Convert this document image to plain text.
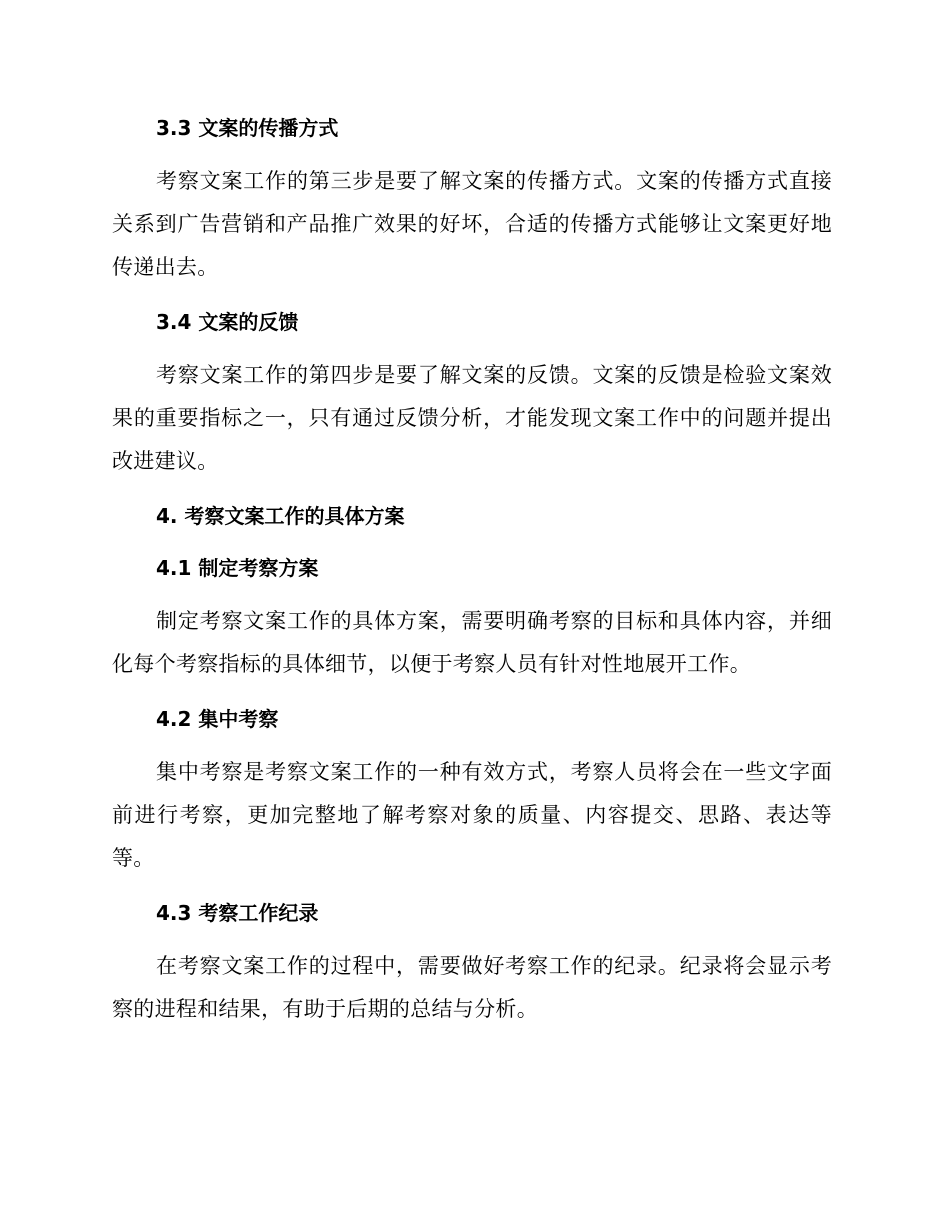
3.3 文案的传播方式

考察文案工作的第三步是要了解文案的传播方式。文案的传播方式直接关系到广告营销和产品推广效果的好坏，合适的传播方式能够让文案更好地传递出去。

3.4 文案的反馈

考察文案工作的第四步是要了解文案的反馈。文案的反馈是检验文案效果的重要指标之一，只有通过反馈分析，才能发现文案工作中的问题并提出改进建议。

4. 考察文案工作的具体方案
4.1 制定考察方案

制定考察文案工作的具体方案，需要明确考察的目标和具体内容，并细化每个考察指标的具体细节，以便于考察人员有针对性地展开工作。

4.2 集中考察

集中考察是考察文案工作的一种有效方式，考察人员将会在一些文字面前进行考察，更加完整地了解考察对象的质量、内容提交、思路、表达等等。

4.3 考察工作纪录

在考察文案工作的过程中，需要做好考察工作的纪录。纪录将会显示考察的进程和结果，有助于后期的总结与分析。
